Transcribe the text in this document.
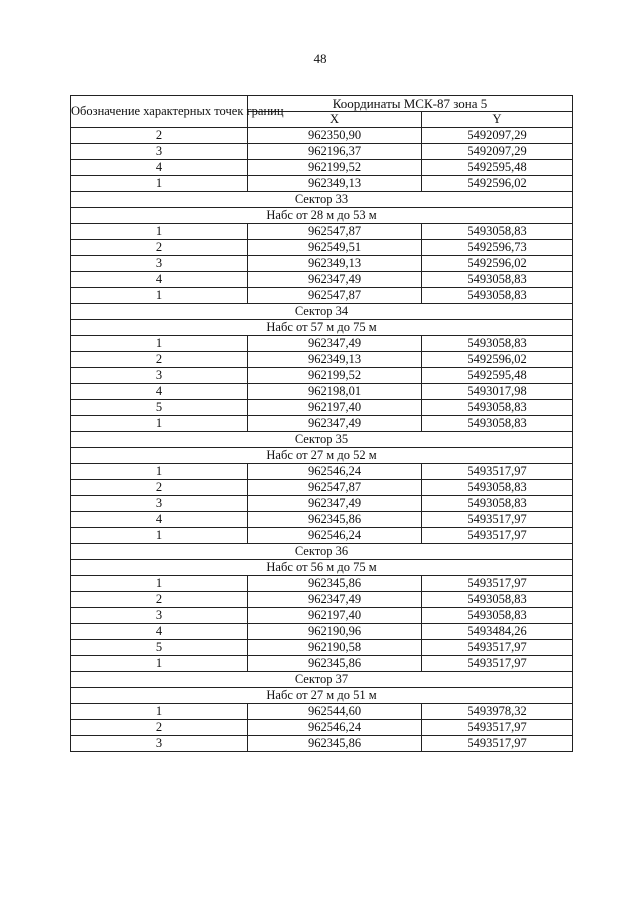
48
Обозначение характерных точек границ	Координаты МСК-87 зона 5	
	X	Y
2	962350,90	5492097,29
3	962196,37	5492097,29
4	962199,52	5492595,48
1	962349,13	5492596,02
Сектор 33		
Набс от 28 м до 53 м		
1	962547,87	5493058,83
2	962549,51	5492596,73
3	962349,13	5492596,02
4	962347,49	5493058,83
1	962547,87	5493058,83
Сектор 34		
Набс от 57 м до 75 м		
1	962347,49	5493058,83
2	962349,13	5492596,02
3	962199,52	5492595,48
4	962198,01	5493017,98
5	962197,40	5493058,83
1	962347,49	5493058,83
Сектор 35		
Набс от 27 м до 52 м		
1	962546,24	5493517,97
2	962547,87	5493058,83
3	962347,49	5493058,83
4	962345,86	5493517,97
1	962546,24	5493517,97
Сектор 36		
Набс от 56 м до 75 м		
1	962345,86	5493517,97
2	962347,49	5493058,83
3	962197,40	5493058,83
4	962190,96	5493484,26
5	962190,58	5493517,97
1	962345,86	5493517,97
Сектор 37		
Набс от 27 м до 51 м		
1	962544,60	5493978,32
2	962546,24	5493517,97
3	962345,86	5493517,97
